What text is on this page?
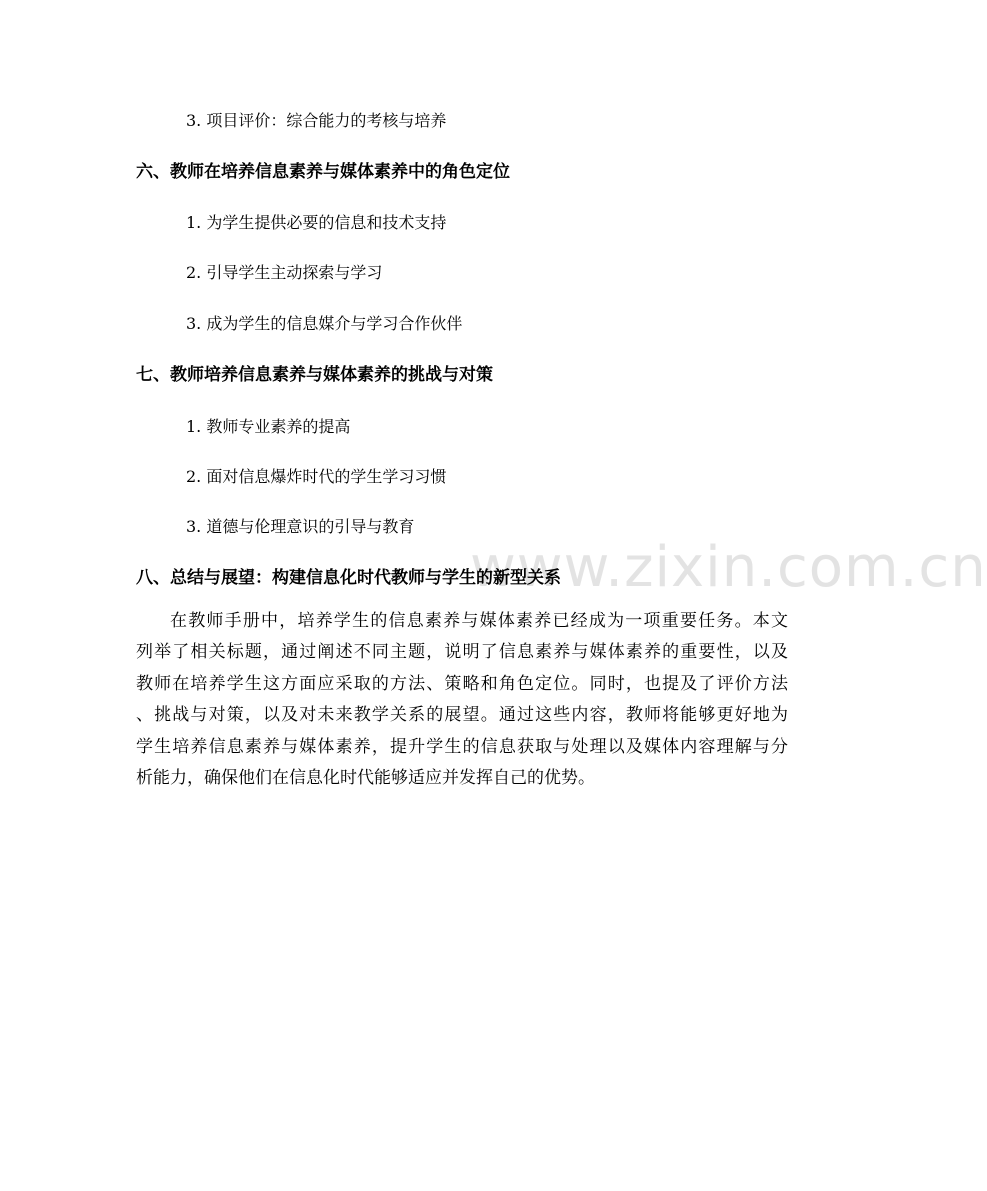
www.zixin.com.cn
3. 项目评价：综合能力的考核与培养
六、教师在培养信息素养与媒体素养中的角色定位
1. 为学生提供必要的信息和技术支持
2. 引导学生主动探索与学习
3. 成为学生的信息媒介与学习合作伙伴
七、教师培养信息素养与媒体素养的挑战与对策
1. 教师专业素养的提高
2. 面对信息爆炸时代的学生学习习惯
3. 道德与伦理意识的引导与教育
八、总结与展望：构建信息化时代教师与学生的新型关系
在教师手册中，培养学生的信息素养与媒体素养已经成为一项重要任务。本文
列举了相关标题，通过阐述不同主题，说明了信息素养与媒体素养的重要性，以及
教师在培养学生这方面应采取的方法、策略和角色定位。同时，也提及了评价方法
、挑战与对策，以及对未来教学关系的展望。通过这些内容，教师将能够更好地为
学生培养信息素养与媒体素养，提升学生的信息获取与处理以及媒体内容理解与分
析能力，确保他们在信息化时代能够适应并发挥自己的优势。
